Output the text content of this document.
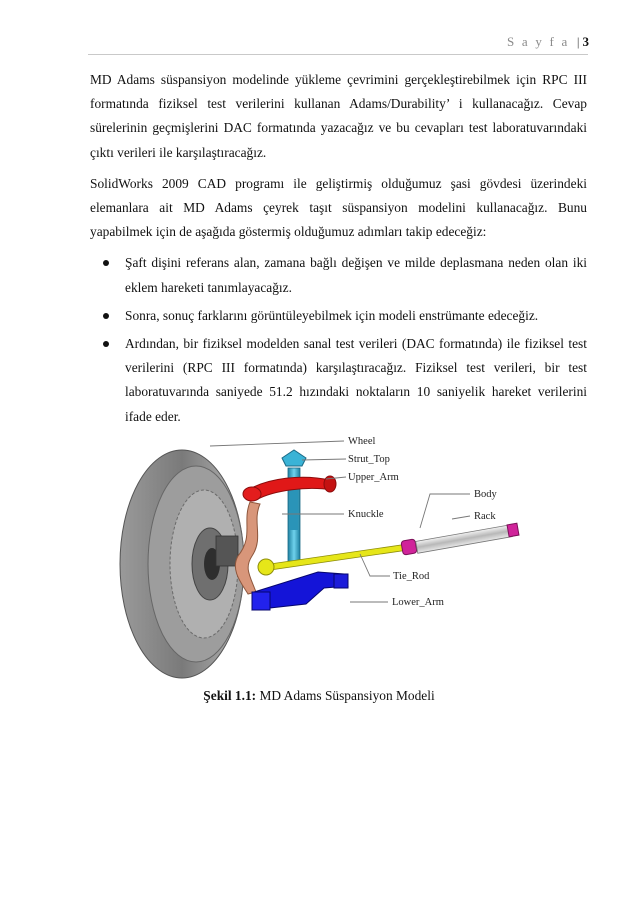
S a y f a | 3

MD Adams süspansiyon modelinde yükleme çevrimini gerçekleştirebilmek için RPC III formatında fiziksel test verilerini kullanan Adams/Durability’ i kullanacağız. Cevap sürelerinin geçmişlerini DAC formatında yazacağız ve bu cevapları test laboratuvarındaki çıktı verileri ile karşılaştıracağız.

SolidWorks 2009 CAD programı ile geliştirmiş olduğumuz şasi gövdesi üzerindeki elemanlara ait MD Adams çeyrek taşıt süspansiyon modelini kullanacağız. Bunu yapabilmek için de aşağıda göstermiş olduğumuz adımları takip edeceğiz:

Şaft dişini referans alan, zamana bağlı değişen ve milde deplasmana neden olan iki eklem hareketi tanımlayacağız.
Sonra, sonuç farklarını görüntüleyebilmek için modeli enstrümante edeceğiz.
Ardından, bir fiziksel modelden sanal test verileri (DAC formatında) ile fiziksel test verilerini (RPC III formatında) karşılaştıracağız. Fiziksel test verileri, bir test laboratuvarında saniyede 51.2 hızındaki noktaların 10 saniyelik hareket verilerini ifade eder.
Wheel
Strut_Top
Upper_Arm
Knuckle
Body
Rack
Tie_Rod
Lower_Arm
Şekil 1.1: MD Adams Süspansiyon Modeli
